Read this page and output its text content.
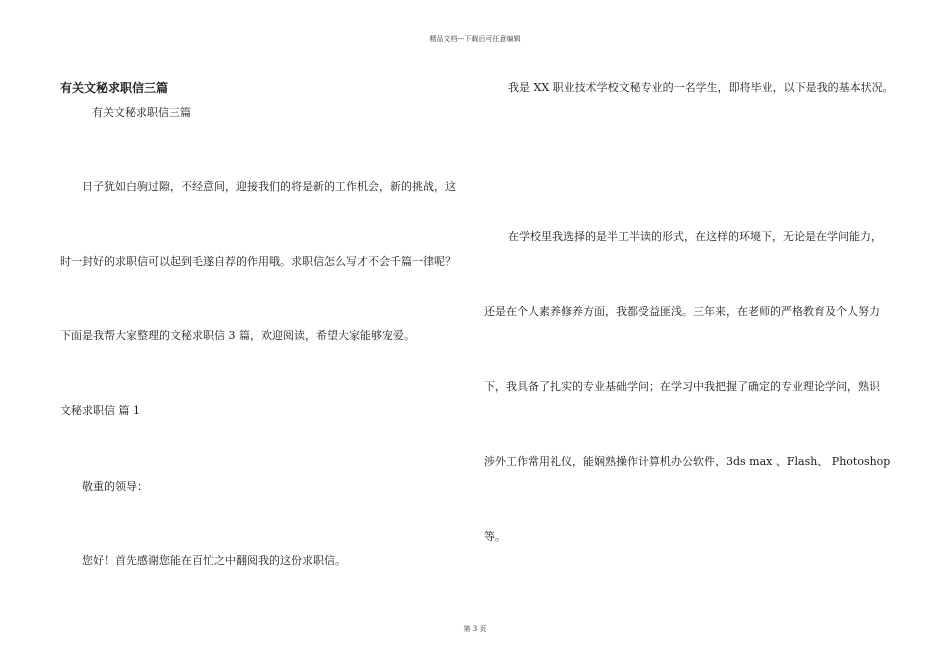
精品文档---下载后可任意编辑
有关文秘求职信三篇
有关文秘求职信三篇
日子犹如白驹过隙，不经意间，迎接我们的将是新的工作机会，新的挑战，这
时一封好的求职信可以起到毛遂自荐的作用哦。求职信怎么写才不会千篇一律呢？
下面是我帮大家整理的文秘求职信 3 篇，欢迎阅读，希望大家能够宠爱。
文秘求职信 篇 1
敬重的领导：
您好！首先感谢您能在百忙之中翻阅我的这份求职信。
我是 XX 职业技术学校文秘专业的一名学生，即将毕业，以下是我的基本状况。
在学校里我选择的是半工半读的形式，在这样的环境下，无论是在学问能力，
还是在个人素养修养方面，我都受益匪浅。三年来，在老师的严格教育及个人努力
下，我具备了扎实的专业基础学问；在学习中我把握了确定的专业理论学问，熟识
涉外工作常用礼仪，能娴熟操作计算机办公软件、3ds max 、Flash、 Photoshop
等。
第 3 页
